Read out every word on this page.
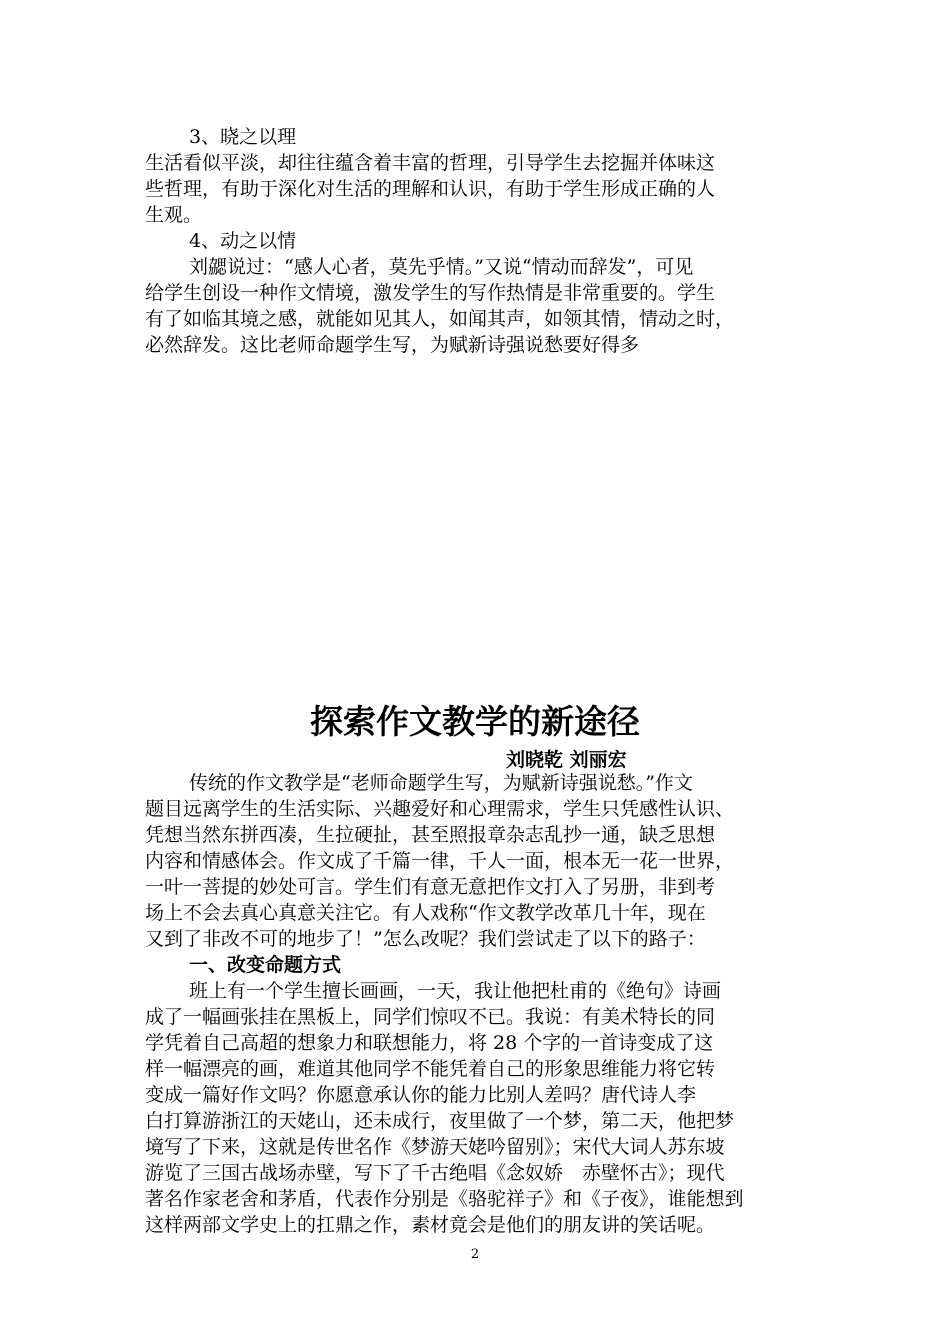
3、晓之以理
生活看似平淡，却往往蕴含着丰富的哲理，引导学生去挖掘并体味这
些哲理，有助于深化对生活的理解和认识，有助于学生形成正确的人
生观。
4、动之以情
刘勰说过：“感人心者，莫先乎情。”又说“情动而辞发”，可见
给学生创设一种作文情境，激发学生的写作热情是非常重要的。学生
有了如临其境之感，就能如见其人，如闻其声，如领其情，情动之时，
必然辞发。这比老师命题学生写，为赋新诗强说愁要好得多
探索作文教学的新途径
刘晓乾 刘丽宏
传统的作文教学是“老师命题学生写，为赋新诗强说愁。”作文
题目远离学生的生活实际、兴趣爱好和心理需求，学生只凭感性认识、
凭想当然东拼西凑，生拉硬扯，甚至照报章杂志乱抄一通，缺乏思想
内容和情感体会。作文成了千篇一律，千人一面，根本无一花一世界，
一叶一菩提的妙处可言。学生们有意无意把作文打入了另册，非到考
场上不会去真心真意关注它。有人戏称“作文教学改革几十年，现在
又到了非改不可的地步了！”怎么改呢？我们尝试走了以下的路子：
一、改变命题方式
班上有一个学生擅长画画，一天，我让他把杜甫的《绝句》诗画
成了一幅画张挂在黑板上，同学们惊叹不已。我说：有美术特长的同
学凭着自己高超的想象力和联想能力，将 28 个字的一首诗变成了这
样一幅漂亮的画，难道其他同学不能凭着自己的形象思维能力将它转
变成一篇好作文吗？你愿意承认你的能力比别人差吗？唐代诗人李
白打算游浙江的天姥山，还未成行，夜里做了一个梦，第二天，他把梦
境写了下来，这就是传世名作《梦游天姥吟留别》；宋代大词人苏东坡
游览了三国古战场赤壁，写下了千古绝唱《念奴娇　赤壁怀古》；现代
著名作家老舍和茅盾，代表作分别是《骆驼祥子》和《子夜》，谁能想到
这样两部文学史上的扛鼎之作，素材竟会是他们的朋友讲的笑话呢。
2
